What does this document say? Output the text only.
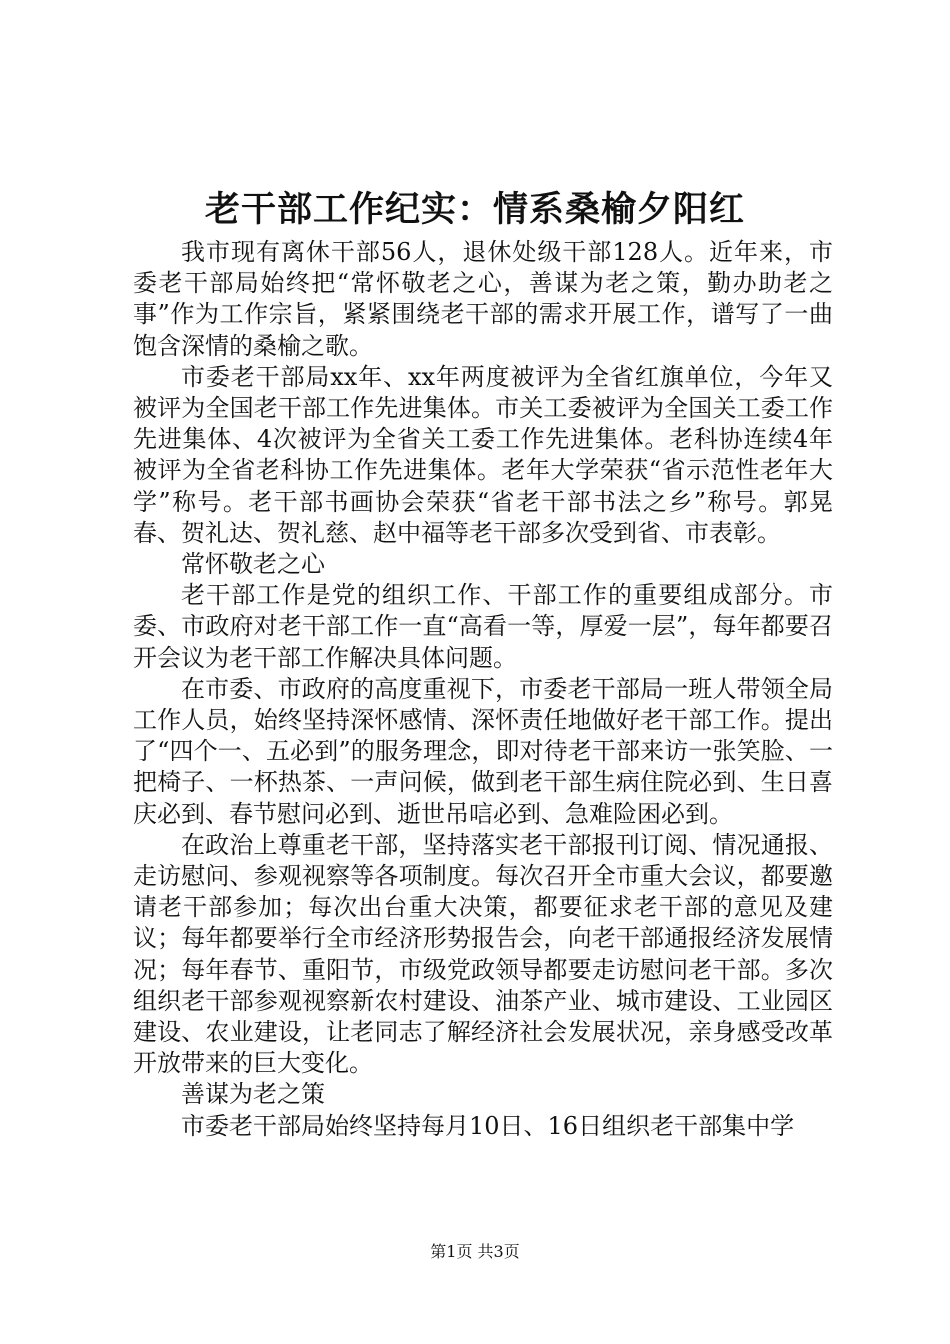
老干部工作纪实：情系桑榆夕阳红

我市现有离休干部56人，退休处级干部128人。近年来，市委老干部局始终把“常怀敬老之心，善谋为老之策，勤办助老之事”作为工作宗旨，紧紧围绕老干部的需求开展工作，谱写了一曲饱含深情的桑榆之歌。

市委老干部局xx年、xx年两度被评为全省红旗单位，今年又被评为全国老干部工作先进集体。市关工委被评为全国关工委工作先进集体、4次被评为全省关工委工作先进集体。老科协连续4年被评为全省老科协工作先进集体。老年大学荣获“省示范性老年大学”称号。老干部书画协会荣获“省老干部书法之乡”称号。郭晃春、贺礼达、贺礼慈、赵中福等老干部多次受到省、市表彰。

常怀敬老之心

老干部工作是党的组织工作、干部工作的重要组成部分。市委、市政府对老干部工作一直“高看一等，厚爱一层”，每年都要召开会议为老干部工作解决具体问题。

在市委、市政府的高度重视下，市委老干部局一班人带领全局工作人员，始终坚持深怀感情、深怀责任地做好老干部工作。提出了“四个一、五必到”的服务理念，即对待老干部来访一张笑脸、一把椅子、一杯热茶、一声问候，做到老干部生病住院必到、生日喜庆必到、春节慰问必到、逝世吊唁必到、急难险困必到。

在政治上尊重老干部，坚持落实老干部报刊订阅、情况通报、走访慰问、参观视察等各项制度。每次召开全市重大会议，都要邀请老干部参加；每次出台重大决策，都要征求老干部的意见及建议；每年都要举行全市经济形势报告会，向老干部通报经济发展情况；每年春节、重阳节，市级党政领导都要走访慰问老干部。多次组织老干部参观视察新农村建设、油茶产业、城市建设、工业园区建设、农业建设，让老同志了解经济社会发展状况，亲身感受改革开放带来的巨大变化。

善谋为老之策

市委老干部局始终坚持每月10日、16日组织老干部集中学

第1页 共3页
